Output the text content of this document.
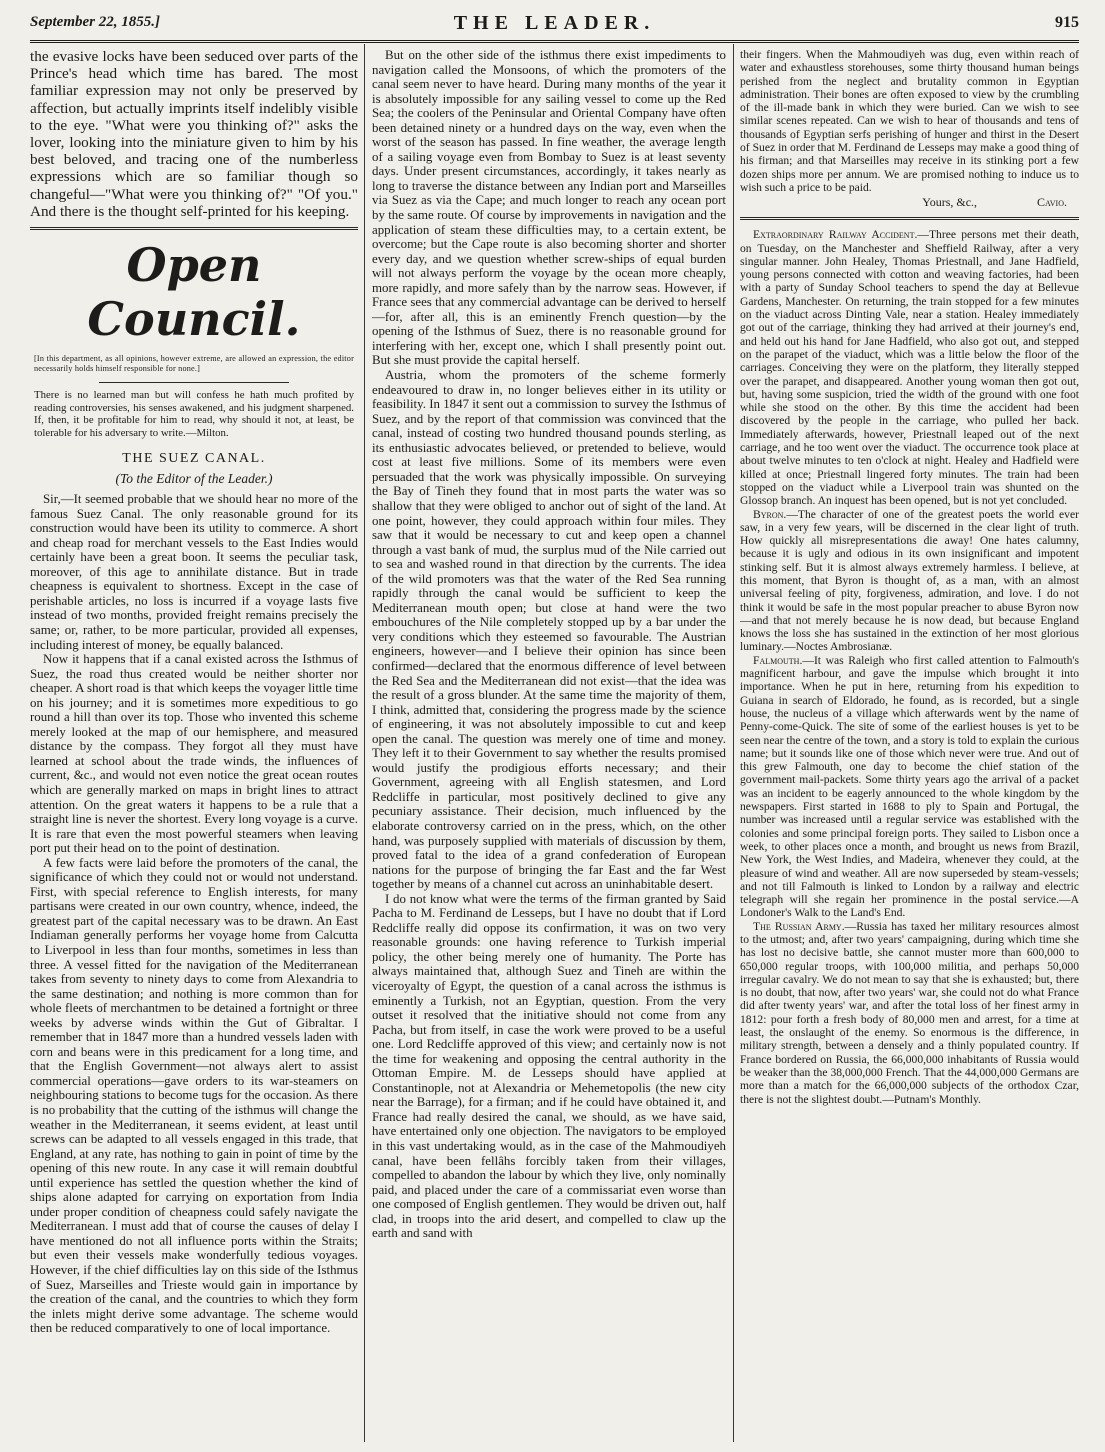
September 22, 1855.]	THE LEADER.	915

the evasive locks have been seduced over parts of the Prince's head which time has bared. The most familiar expression may not only be preserved by affection, but actually imprints itself indelibly visible to the eye. "What were you thinking of?" asks the lover, looking into the miniature given to him by his best beloved, and tracing one of the numberless expressions which are so familiar though so changeful—"What were you thinking of?" "Of you." And there is the thought self-printed for his keeping.

Open Council.
[In this department, as all opinions, however extreme, are allowed an expression, the editor necessarily holds himself responsible for none.]

There is no learned man but will confess he hath much profited by reading controversies, his senses awakened, and his judgment sharpened. If, then, it be profitable for him to read, why should it not, at least, be tolerable for his adversary to write.—Milton.

THE SUEZ CANAL.
(To the Editor of the Leader.)

Sir,—It seemed probable that we should hear no more of the famous Suez Canal. The only reasonable ground for its construction would have been its utility to commerce. A short and cheap road for merchant vessels to the East Indies would certainly have been a great boon. It seems the peculiar task, moreover, of this age to annihilate distance. But in trade cheapness is equivalent to shortness. Except in the case of perishable articles, no loss is incurred if a voyage lasts five instead of two months, provided freight remains precisely the same; or, rather, to be more particular, provided all expenses, including interest of money, be equally balanced.

Now it happens that if a canal existed across the Isthmus of Suez, the road thus created would be neither shorter nor cheaper. A short road is that which keeps the voyager little time on his journey; and it is sometimes more expeditious to go round a hill than over its top. Those who invented this scheme merely looked at the map of our hemisphere, and measured distance by the compass. They forgot all they must have learned at school about the trade winds, the influences of current, &c., and would not even notice the great ocean routes which are generally marked on maps in bright lines to attract attention. On the great waters it happens to be a rule that a straight line is never the shortest. Every long voyage is a curve. It is rare that even the most powerful steamers when leaving port put their head on to the point of destination.

A few facts were laid before the promoters of the canal, the significance of which they could not or would not understand. First, with special reference to English interests, for many partisans were created in our own country, whence, indeed, the greatest part of the capital necessary was to be drawn. An East Indiaman generally performs her voyage home from Calcutta to Liverpool in less than four months, sometimes in less than three. A vessel fitted for the navigation of the Mediterranean takes from seventy to ninety days to come from Alexandria to the same destination; and nothing is more common than for whole fleets of merchantmen to be detained a fortnight or three weeks by adverse winds within the Gut of Gibraltar. I remember that in 1847 more than a hundred vessels laden with corn and beans were in this predicament for a long time, and that the English Government—not always alert to assist commercial operations—gave orders to its war-steamers on neighbouring stations to become tugs for the occasion. As there is no probability that the cutting of the isthmus will change the weather in the Mediterranean, it seems evident, at least until screws can be adapted to all vessels engaged in this trade, that England, at any rate, has nothing to gain in point of time by the opening of this new route. In any case it will remain doubtful until experience has settled the question whether the kind of ships alone adapted for carrying on exportation from India under proper condition of cheapness could safely navigate the Mediterranean. I must add that of course the causes of delay I have mentioned do not all influence ports within the Straits; but even their vessels make wonderfully tedious voyages. However, if the chief difficulties lay on this side of the Isthmus of Suez, Marseilles and Trieste would gain in importance by the creation of the canal, and the countries to which they form the inlets might derive some advantage. The scheme would then be reduced comparatively to one of local importance.

But on the other side of the isthmus there exist impediments to navigation called the Monsoons, of which the promoters of the canal seem never to have heard. During many months of the year it is absolutely impossible for any sailing vessel to come up the Red Sea; the coolers of the Peninsular and Oriental Company have often been detained ninety or a hundred days on the way, even when the worst of the season has passed. In fine weather, the average length of a sailing voyage even from Bombay to Suez is at least seventy days. Under present circumstances, accordingly, it takes nearly as long to traverse the distance between any Indian port and Marseilles via Suez as via the Cape; and much longer to reach any ocean port by the same route. Of course by improvements in navigation and the application of steam these difficulties may, to a certain extent, be overcome; but the Cape route is also becoming shorter and shorter every day, and we question whether screw-ships of equal burden will not always perform the voyage by the ocean more cheaply, more rapidly, and more safely than by the narrow seas. However, if France sees that any commercial advantage can be derived to herself—for, after all, this is an eminently French question—by the opening of the Isthmus of Suez, there is no reasonable ground for interfering with her, except one, which I shall presently point out. But she must provide the capital herself.

Austria, whom the promoters of the scheme formerly endeavoured to draw in, no longer believes either in its utility or feasibility. In 1847 it sent out a commission to survey the Isthmus of Suez, and by the report of that commission was convinced that the canal, instead of costing two hundred thousand pounds sterling, as its enthusiastic advocates believed, or pretended to believe, would cost at least five millions. Some of its members were even persuaded that the work was physically impossible. On surveying the Bay of Tineh they found that in most parts the water was so shallow that they were obliged to anchor out of sight of the land. At one point, however, they could approach within four miles. They saw that it would be necessary to cut and keep open a channel through a vast bank of mud, the surplus mud of the Nile carried out to sea and washed round in that direction by the currents. The idea of the wild promoters was that the water of the Red Sea running rapidly through the canal would be sufficient to keep the Mediterranean mouth open; but close at hand were the two embouchures of the Nile completely stopped up by a bar under the very conditions which they esteemed so favourable. The Austrian engineers, however—and I believe their opinion has since been confirmed—declared that the enormous difference of level between the Red Sea and the Mediterranean did not exist—that the idea was the result of a gross blunder. At the same time the majority of them, I think, admitted that, considering the progress made by the science of engineering, it was not absolutely impossible to cut and keep open the canal. The question was merely one of time and money. They left it to their Government to say whether the results promised would justify the prodigious efforts necessary; and their Government, agreeing with all English statesmen, and Lord Redcliffe in particular, most positively declined to give any pecuniary assistance. Their decision, much influenced by the elaborate controversy carried on in the press, which, on the other hand, was purposely supplied with materials of discussion by them, proved fatal to the idea of a grand confederation of European nations for the purpose of bringing the far East and the far West together by means of a channel cut across an uninhabitable desert.

I do not know what were the terms of the firman granted by Said Pacha to M. Ferdinand de Lesseps, but I have no doubt that if Lord Redcliffe really did oppose its confirmation, it was on two very reasonable grounds: one having reference to Turkish imperial policy, the other being merely one of humanity. The Porte has always maintained that, although Suez and Tineh are within the viceroyalty of Egypt, the question of a canal across the isthmus is eminently a Turkish, not an Egyptian, question. From the very outset it resolved that the initiative should not come from any Pacha, but from itself, in case the work were proved to be a useful one. Lord Redcliffe approved of this view; and certainly now is not the time for weakening and opposing the central authority in the Ottoman Empire. M. de Lesseps should have applied at Constantinople, not at Alexandria or Mehemetopolis (the new city near the Barrage), for a firman; and if he could have obtained it, and France had really desired the canal, we should, as we have said, have entertained only one objection. The navigators to be employed in this vast undertaking would, as in the case of the Mahmoudiyeh canal, have been fellâhs forcibly taken from their villages, compelled to abandon the labour by which they live, only nominally paid, and placed under the care of a commissariat even worse than one composed of English gentlemen. They would be driven out, half clad, in troops into the arid desert, and compelled to claw up the earth and sand with

their fingers. When the Mahmoudiyeh was dug, even within reach of water and exhaustless storehouses, some thirty thousand human beings perished from the neglect and brutality common in Egyptian administration. Their bones are often exposed to view by the crumbling of the ill-made bank in which they were buried. Can we wish to see similar scenes repeated. Can we wish to hear of thousands and tens of thousands of Egyptian serfs perishing of hunger and thirst in the Desert of Suez in order that M. Ferdinand de Lesseps may make a good thing of his firman; and that Marseilles may receive in its stinking port a few dozen ships more per annum. We are promised nothing to induce us to wish such a price to be paid.

Yours, &c.,	Cavio.

Extraordinary Railway Accident.—Three persons met their death, on Tuesday, on the Manchester and Sheffield Railway, after a very singular manner. John Healey, Thomas Priestnall, and Jane Hadfield, young persons connected with cotton and weaving factories, had been with a party of Sunday School teachers to spend the day at Bellevue Gardens, Manchester. On returning, the train stopped for a few minutes on the viaduct across Dinting Vale, near a station. Healey immediately got out of the carriage, thinking they had arrived at their journey's end, and held out his hand for Jane Hadfield, who also got out, and stepped on the parapet of the viaduct, which was a little below the floor of the carriages. Conceiving they were on the platform, they literally stepped over the parapet, and disappeared. Another young woman then got out, but, having some suspicion, tried the width of the ground with one foot while she stood on the other. By this time the accident had been discovered by the people in the carriage, who pulled her back. Immediately afterwards, however, Priestnall leaped out of the next carriage, and he too went over the viaduct. The occurrence took place at about twelve minutes to ten o'clock at night. Healey and Hadfield were killed at once; Priestnall lingered forty minutes. The train had been stopped on the viaduct while a Liverpool train was shunted on the Glossop branch. An inquest has been opened, but is not yet concluded.

Byron.—The character of one of the greatest poets the world ever saw, in a very few years, will be discerned in the clear light of truth. How quickly all misrepresentations die away! One hates calumny, because it is ugly and odious in its own insignificant and impotent stinking self. But it is almost always extremely harmless. I believe, at this moment, that Byron is thought of, as a man, with an almost universal feeling of pity, forgiveness, admiration, and love. I do not think it would be safe in the most popular preacher to abuse Byron now—and that not merely because he is now dead, but because England knows the loss she has sustained in the extinction of her most glorious luminary.—Noctes Ambrosianæ.

Falmouth.—It was Raleigh who first called attention to Falmouth's magnificent harbour, and gave the impulse which brought it into importance. When he put in here, returning from his expedition to Guiana in search of Eldorado, he found, as is recorded, but a single house, the nucleus of a village which afterwards went by the name of Penny-come-Quick. The site of some of the earliest houses is yet to be seen near the centre of the town, and a story is told to explain the curious name; but it sounds like one of those which never were true. And out of this grew Falmouth, one day to become the chief station of the government mail-packets. Some thirty years ago the arrival of a packet was an incident to be eagerly announced to the whole kingdom by the newspapers. First started in 1688 to ply to Spain and Portugal, the number was increased until a regular service was established with the colonies and some principal foreign ports. They sailed to Lisbon once a week, to other places once a month, and brought us news from Brazil, New York, the West Indies, and Madeira, whenever they could, at the pleasure of wind and weather. All are now superseded by steam-vessels; and not till Falmouth is linked to London by a railway and electric telegraph will she regain her prominence in the postal service.—A Londoner's Walk to the Land's End.

The Russian Army.—Russia has taxed her military resources almost to the utmost; and, after two years' campaigning, during which time she has lost no decisive battle, she cannot muster more than 600,000 to 650,000 regular troops, with 100,000 militia, and perhaps 50,000 irregular cavalry. We do not mean to say that she is exhausted; but, there is no doubt, that now, after two years' war, she could not do what France did after twenty years' war, and after the total loss of her finest army in 1812: pour forth a fresh body of 80,000 men and arrest, for a time at least, the onslaught of the enemy. So enormous is the difference, in military strength, between a densely and a thinly populated country. If France bordered on Russia, the 66,000,000 inhabitants of Russia would be weaker than the 38,000,000 French. That the 44,000,000 Germans are more than a match for the 66,000,000 subjects of the orthodox Czar, there is not the slightest doubt.—Putnam's Monthly.
